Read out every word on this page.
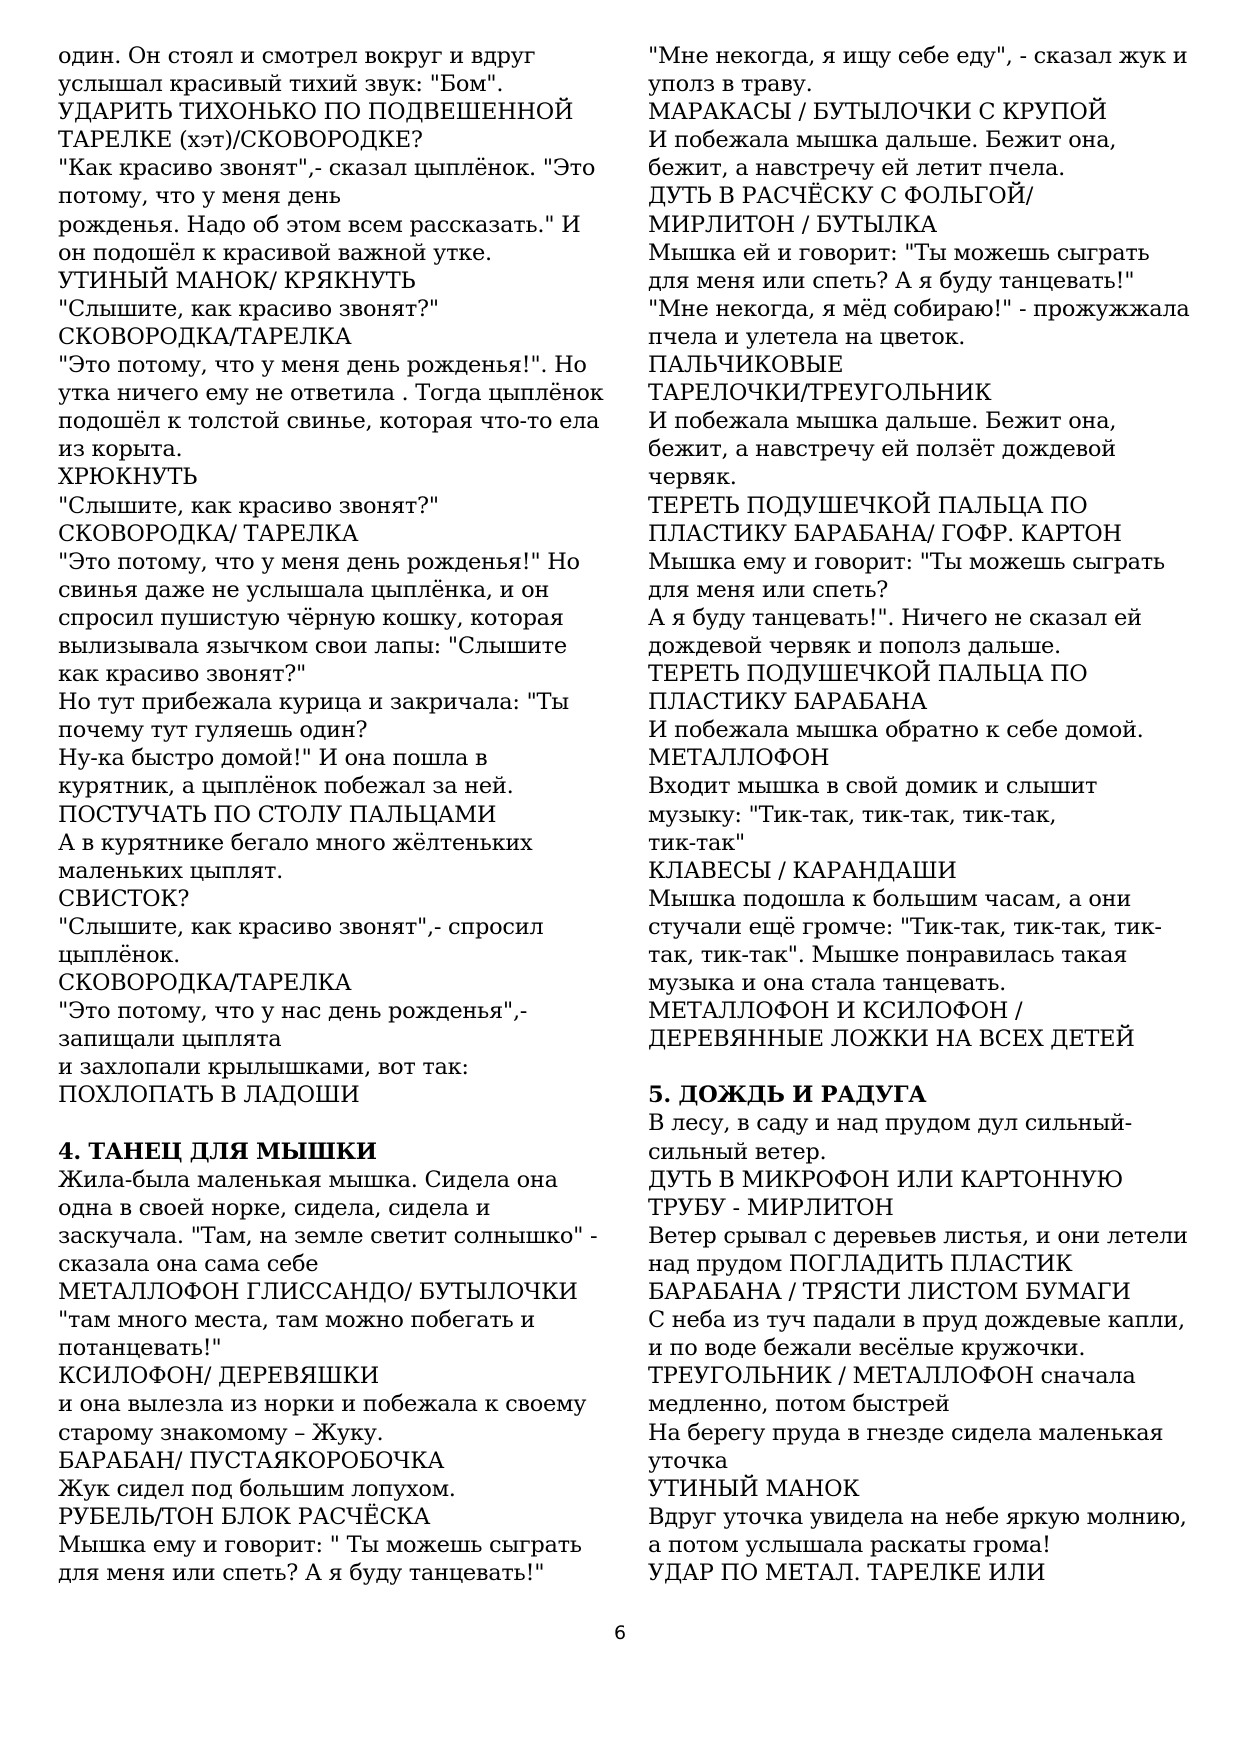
один. Он стоял и смотрел вокруг и вдруг
услышал красивый тихий звук: "Бом".
УДАРИТЬ ТИХОНЬКО ПО ПОДВЕШЕННОЙ
ТАРЕЛКЕ (хэт)/СКОВОРОДКЕ?
"Как красиво звонят",- сказал цыплёнок. "Это
потому, что у меня день
рожденья. Надо об этом всем рассказать." И
он подошёл к красивой важной утке.
УТИНЫЙ МАНОК/ КРЯКНУТЬ
"Слышите, как красиво звонят?"
СКОВОРОДКА/ТАРЕЛКА
"Это потому, что у меня день рожденья!". Но
утка ничего ему не ответила . Тогда цыплёнок
подошёл к толстой свинье, которая что-то ела
из корыта.
ХРЮКНУТЬ
"Слышите, как красиво звонят?"
СКОВОРОДКА/ ТАРЕЛКА
"Это потому, что у меня день рожденья!" Но
свинья даже не услышала цыплёнка, и он
спросил пушистую чёрную кошку, которая
вылизывала язычком свои лапы: "Слышите
как красиво звонят?"
Но тут прибежала курица и закричала: "Ты
почему тут гуляешь один?
Ну-ка быстро домой!" И она пошла в
курятник, а цыплёнок побежал за ней.
ПОСТУЧАТЬ ПО СТОЛУ ПАЛЬЦАМИ
А в курятнике бегало много жёлтеньких
маленьких цыплят.
СВИСТОК?
"Слышите, как красиво звонят",- спросил
цыплёнок.
СКОВОРОДКА/ТАРЕЛКА
"Это потому, что у нас день рожденья",-
запищали цыплята
и захлопали крылышками, вот так:
ПОХЛОПАТЬ В ЛАДОШИ
4. ТАНЕЦ ДЛЯ МЫШКИ
Жила-была маленькая мышка. Сидела она
одна в своей норке, сидела, сидела и
заскучала. "Там, на земле светит солнышко" -
сказала она сама себе
МЕТАЛЛОФОН ГЛИССАНДО/ БУТЫЛОЧКИ
"там много места, там можно побегать и
потанцевать!"
КСИЛОФОН/ ДЕРЕВЯШКИ
и она вылезла из норки и побежала к своему
старому знакомому – Жуку.
БАРАБАН/ ПУСТАЯКОРОБОЧКА
Жук сидел под большим лопухом.
РУБЕЛЬ/ТОН БЛОК РАСЧЁСКА
Мышка ему и говорит: " Ты можешь сыграть
для меня или спеть? А я буду танцевать!"
"Мне некогда, я ищу себе еду", - сказал жук и
уполз в траву.
МАРАКАСЫ / БУТЫЛОЧКИ С КРУПОЙ
И побежала мышка дальше. Бежит она,
бежит, а навстречу ей летит пчела.
ДУТЬ В РАСЧЁСКУ С ФОЛЬГОЙ/
МИРЛИТОН / БУТЫЛКА
Мышка ей и говорит: "Ты можешь сыграть
для меня или спеть? А я буду танцевать!"
"Мне некогда, я мёд собираю!" - прожужжала
пчела и улетела на цветок.
ПАЛЬЧИКОВЫЕ
ТАРЕЛОЧКИ/ТРЕУГОЛЬНИК
И побежала мышка дальше. Бежит она,
бежит, а навстречу ей ползёт дождевой
червяк.
ТЕРЕТЬ ПОДУШЕЧКОЙ ПАЛЬЦА ПО
ПЛАСТИКУ БАРАБАНА/ ГОФР. КАРТОН
Мышка ему и говорит: "Ты можешь сыграть
для меня или спеть?
А я буду танцевать!". Ничего не сказал ей
дождевой червяк и пополз дальше.
ТЕРЕТЬ ПОДУШЕЧКОЙ ПАЛЬЦА ПО
ПЛАСТИКУ БАРАБАНА
И побежала мышка обратно к себе домой.
МЕТАЛЛОФОН
Входит мышка в свой домик и слышит
музыку: "Тик-так, тик-так, тик-так,
тик-так"
КЛАВЕСЫ / КАРАНДАШИ
Мышка подошла к большим часам, а они
стучали ещё громче: "Тик-так, тик-так, тик-
так, тик-так". Мышке понравилась такая
музыка и она стала танцевать.
МЕТАЛЛОФОН И КСИЛОФОН /
ДЕРЕВЯННЫЕ ЛОЖКИ НА ВСЕХ ДЕТЕЙ
5. ДОЖДЬ И РАДУГА
В лесу, в саду и над прудом дул сильный-
сильный ветер.
ДУТЬ В МИКРОФОН ИЛИ КАРТОННУЮ
ТРУБУ - МИРЛИТОН
Ветер срывал с деревьев листья, и они летели
над прудом ПОГЛАДИТЬ ПЛАСТИК
БАРАБАНА / ТРЯСТИ ЛИСТОМ БУМАГИ
С неба из туч падали в пруд дождевые капли,
и по воде бежали весёлые кружочки.
ТРЕУГОЛЬНИК / МЕТАЛЛОФОН сначала
медленно, потом быстрей
На берегу пруда в гнезде сидела маленькая
уточка
УТИНЫЙ МАНОК
Вдруг уточка увидела на небе яркую молнию,
а потом услышала раскаты грома!
УДАР ПО МЕТАЛ. ТАРЕЛКЕ ИЛИ
6
